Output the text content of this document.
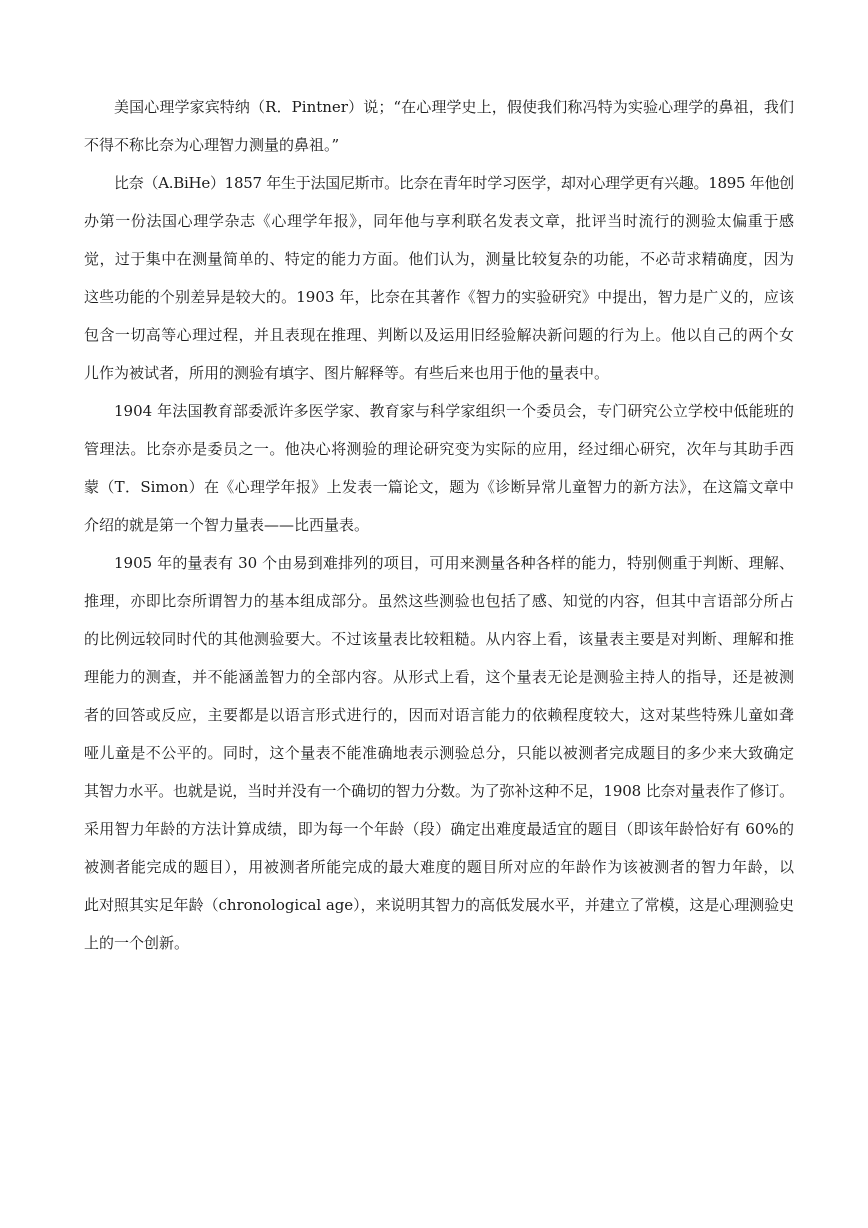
美国心理学家宾特纳（R．Pintner）说；“在心理学史上，假使我们称冯特为实验心理学的鼻祖，我们
不得不称比奈为心理智力测量的鼻祖。”
比奈（A.BiHe）1857 年生于法国尼斯市。比奈在青年时学习医学，却对心理学更有兴趣。1895 年他创
办第一份法国心理学杂志《心理学年报》，同年他与享利联名发表文章，批评当时流行的测验太偏重于感
觉，过于集中在测量简单的、特定的能力方面。他们认为，测量比较复杂的功能，不必苛求精确度，因为
这些功能的个别差异是较大的。1903 年，比奈在其著作《智力的实验研究》中提出，智力是广义的，应该
包含一切高等心理过程，并且表现在推理、判断以及运用旧经验解决新问题的行为上。他以自己的两个女
儿作为被试者，所用的测验有填字、图片解释等。有些后来也用于他的量表中。
1904 年法国教育部委派许多医学家、教育家与科学家组织一个委员会，专门研究公立学校中低能班的
管理法。比奈亦是委员之一。他决心将测验的理论研究变为实际的应用，经过细心研究，次年与其助手西
蒙（T．Simon）在《心理学年报》上发表一篇论文，题为《诊断异常儿童智力的新方法》，在这篇文章中
介绍的就是第一个智力量表——比西量表。
1905 年的量表有 30 个由易到难排列的项目，可用来测量各种各样的能力，特别侧重于判断、理解、
推理，亦即比奈所谓智力的基本组成部分。虽然这些测验也包括了感、知觉的内容，但其中言语部分所占
的比例远较同时代的其他测验要大。不过该量表比较粗糙。从内容上看，该量表主要是对判断、理解和推
理能力的测查，并不能涵盖智力的全部内容。从形式上看，这个量表无论是测验主持人的指导，还是被测
者的回答或反应，主要都是以语言形式进行的，因而对语言能力的依赖程度较大，这对某些特殊儿童如聋
哑儿童是不公平的。同时，这个量表不能准确地表示测验总分，只能以被测者完成题目的多少来大致确定
其智力水平。也就是说，当时并没有一个确切的智力分数。为了弥补这种不足，1908 比奈对量表作了修订。
采用智力年龄的方法计算成绩，即为每一个年龄（段）确定出难度最适宜的题目（即该年龄恰好有 60%的
被测者能完成的题目），用被测者所能完成的最大难度的题目所对应的年龄作为该被测者的智力年龄，以
此对照其实足年龄（chronological age），来说明其智力的高低发展水平，并建立了常模，这是心理测验史
上的一个创新。
